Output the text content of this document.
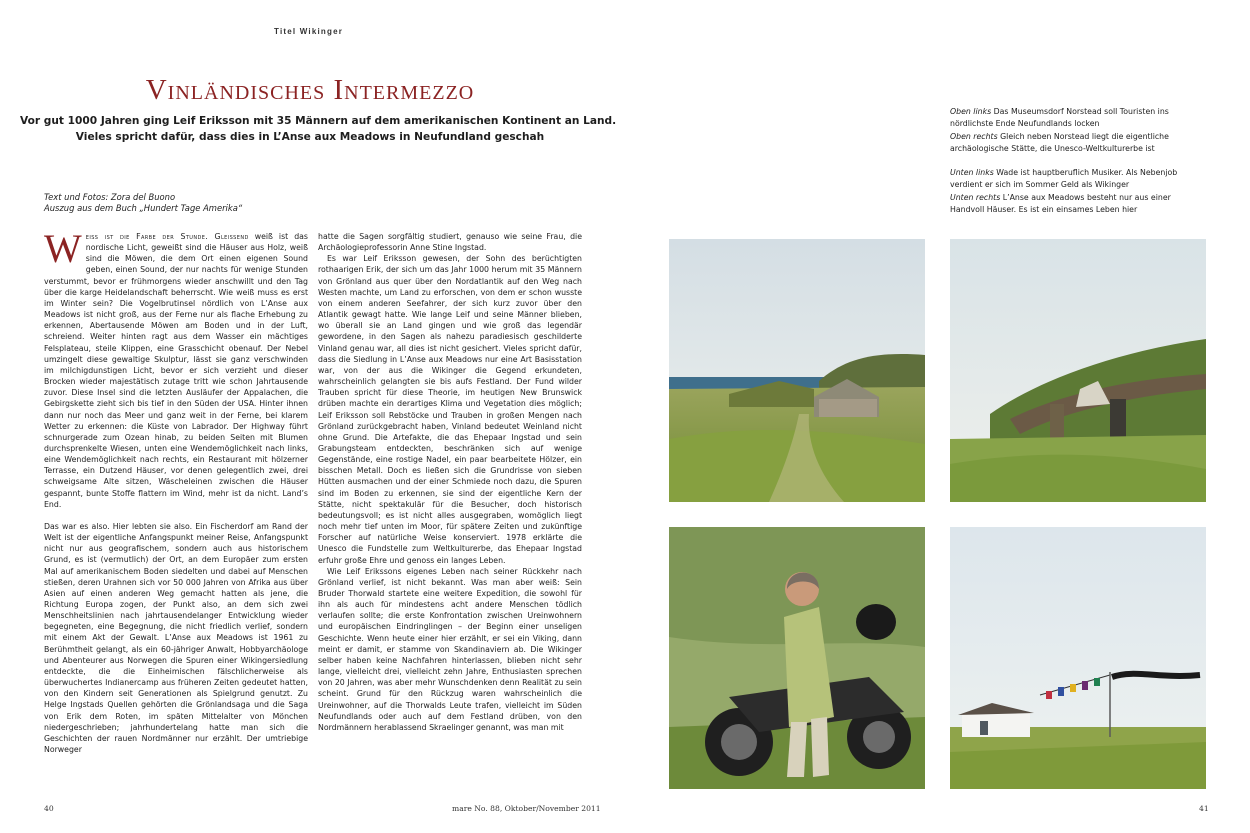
Titel Wikinger
Vinländisches Intermezzo
Vor gut 1000 Jahren ging Leif Eriksson mit 35 Männern auf dem amerikanischen Kontinent an Land.
Vieles spricht dafür, dass dies in L’Anse aux Meadows in Neufundland geschah
Text und Fotos: Zora del Buono
Auszug aus dem Buch „Hundert Tage Amerika“

Weiss ist die Farbe der Stunde. Gleissend weiß ist das nordische Licht, geweißt sind die Häuser aus Holz, weiß sind die Möwen, die dem Ort einen eigenen Sound geben, einen Sound, der nur nachts für wenige Stunden verstummt, bevor er frühmorgens wieder anschwillt und den Tag über die karge Heidelandschaft beherrscht. Wie weiß muss es erst im Winter sein? Die Vogelbrutinsel nördlich von L’Anse aux Meadows ist nicht groß, aus der Ferne nur als flache Erhebung zu erkennen, Abertausende Möwen am Boden und in der Luft, schreiend. Weiter hinten ragt aus dem Wasser ein mächtiges Felsplateau, steile Klippen, eine Grasschicht obenauf. Der Nebel umzingelt diese gewaltige Skulptur, lässt sie ganz verschwinden im milchigdunstigen Licht, bevor er sich verzieht und dieser Brocken wieder majestätisch zutage tritt wie schon Jahrtausende zuvor. Diese Insel sind die letzten Ausläufer der Appalachen, die Gebirgskette zieht sich bis tief in den Süden der USA. Hinter ihnen dann nur noch das Meer und ganz weit in der Ferne, bei klarem Wetter zu erkennen: die Küste von Labrador. Der Highway führt schnurgerade zum Ozean hinab, zu beiden Seiten mit Blumen durchsprenkelte Wiesen, unten eine Wendemöglichkeit nach links, eine Wendemöglichkeit nach rechts, ein Restaurant mit hölzerner Terrasse, ein Dutzend Häuser, vor denen gelegentlich zwei, drei schweigsame Alte sitzen, Wäscheleinen zwischen die Häuser gespannt, bunte Stoffe flattern im Wind, mehr ist da nicht. Land’s End.

Das war es also. Hier lebten sie also. Ein Fischerdorf am Rand der Welt ist der eigentliche Anfangspunkt meiner Reise, Anfangspunkt nicht nur aus geografischem, sondern auch aus historischem Grund, es ist (vermutlich) der Ort, an dem Europäer zum ersten Mal auf amerikanischem Boden siedelten und dabei auf Menschen stießen, deren Urahnen sich vor 50 000 Jahren von Afrika aus über Asien auf einen anderen Weg gemacht hatten als jene, die Richtung Europa zogen, der Punkt also, an dem sich zwei Menschheitslinien nach jahrtausendelanger Entwicklung wieder begegneten, eine Begegnung, die nicht friedlich verlief, sondern mit einem Akt der Gewalt. L’Anse aux Meadows ist 1961 zu Berühmtheit gelangt, als ein 60-jähriger Anwalt, Hobbyarchäologe und Abenteurer aus Norwegen die Spuren einer Wikingersiedlung entdeckte, die die Einheimischen fälschlicherweise als überwuchertes Indianercamp aus früheren Zeiten gedeutet hatten, von den Kindern seit Generationen als Spielgrund genutzt. Zu Helge Ingstads Quellen gehörten die Grönlandsaga und die Saga von Erik dem Roten, im späten Mittelalter von Mönchen niedergeschrieben; jahrhundertelang hatte man sich die Geschichten der rauen Nordmänner nur erzählt. Der umtriebige Norweger

hatte die Sagen sorgfältig studiert, genauso wie seine Frau, die Archäologieprofessorin Anne Stine Ingstad.

Es war Leif Eriksson gewesen, der Sohn des berüchtigten rothaarigen Erik, der sich um das Jahr 1000 herum mit 35 Männern von Grönland aus quer über den Nordatlantik auf den Weg nach Westen machte, um Land zu erforschen, von dem er schon wusste von einem anderen Seefahrer, der sich kurz zuvor über den Atlantik gewagt hatte. Wie lange Leif und seine Männer blieben, wo überall sie an Land gingen und wie groß das legendär gewordene, in den Sagen als nahezu paradiesisch geschilderte Vinland genau war, all dies ist nicht gesichert. Vieles spricht dafür, dass die Siedlung in L’Anse aux Meadows nur eine Art Basisstation war, von der aus die Wikinger die Gegend erkundeten, wahrscheinlich gelangten sie bis aufs Festland. Der Fund wilder Trauben spricht für diese Theorie, im heutigen New Brunswick drüben machte ein derartiges Klima und Vegetation dies möglich; Leif Eriksson soll Rebstöcke und Trauben in großen Mengen nach Grönland zurückgebracht haben, Vinland bedeutet Weinland nicht ohne Grund. Die Artefakte, die das Ehepaar Ingstad und sein Grabungsteam entdeckten, beschränken sich auf wenige Gegenstände, eine rostige Nadel, ein paar bearbeitete Hölzer, ein bisschen Metall. Doch es ließen sich die Grundrisse von sieben Hütten ausmachen und der einer Schmiede noch dazu, die Spuren sind im Boden zu erkennen, sie sind der eigentliche Kern der Stätte, nicht spektakulär für die Besucher, doch historisch bedeutungsvoll; es ist nicht alles ausgegraben, womöglich liegt noch mehr tief unten im Moor, für spätere Zeiten und zukünftige Forscher auf natürliche Weise konserviert. 1978 erklärte die Unesco die Fundstelle zum Weltkulturerbe, das Ehepaar Ingstad erfuhr große Ehre und genoss ein langes Leben.

Wie Leif Erikssons eigenes Leben nach seiner Rückkehr nach Grönland verlief, ist nicht bekannt. Was man aber weiß: Sein Bruder Thorwald startete eine weitere Expedition, die sowohl für ihn als auch für mindestens acht andere Menschen tödlich verlaufen sollte; die erste Konfrontation zwischen Ureinwohnern und europäischen Eindringlingen – der Beginn einer unseligen Geschichte. Wenn heute einer hier erzählt, er sei ein Viking, dann meint er damit, er stamme von Skandinaviern ab. Die Wikinger selber haben keine Nachfahren hinterlassen, blieben nicht sehr lange, vielleicht drei, vielleicht zehn Jahre, Enthusiasten sprechen von 20 Jahren, was aber mehr Wunschdenken denn Realität zu sein scheint. Grund für den Rückzug waren wahrscheinlich die Ureinwohner, auf die Thorwalds Leute trafen, vielleicht im Süden Neufundlands oder auch auf dem Festland drüben, von den Nordmännern herablassend Skraelinger genannt, was man mit

40	mare No. 88, Oktober/November 2011	41
Oben links Das Museumsdorf Norstead soll Touristen ins
nördlichste Ende Neufundlands locken
Oben rechts Gleich neben Norstead liegt die eigentliche
archäologische Stätte, die Unesco-Weltkulturerbe ist
Unten links Wade ist hauptberuflich Musiker. Als Nebenjob
verdient er sich im Sommer Geld als Wikinger
Unten rechts L’Anse aux Meadows besteht nur aus einer
Handvoll Häuser. Es ist ein einsames Leben hier
